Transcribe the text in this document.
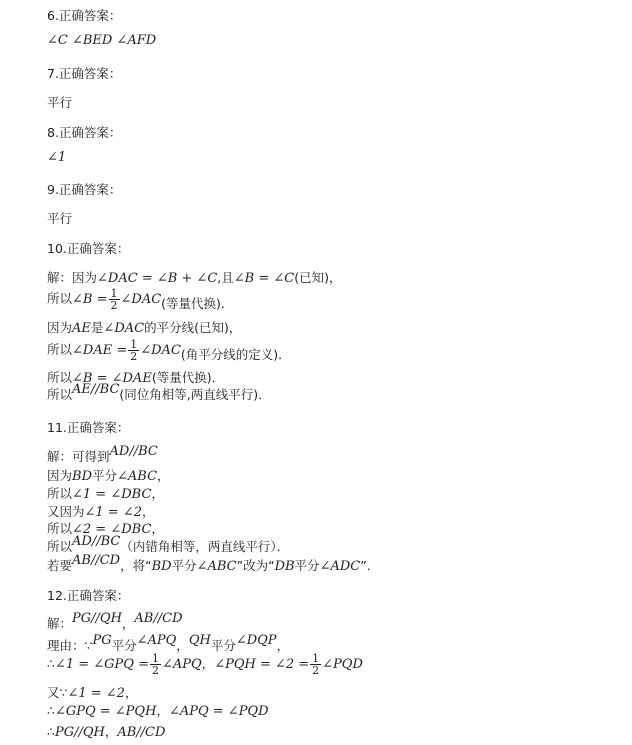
6.正确答案：
∠C ∠BED ∠AFD
7.正确答案：
平行
8.正确答案：
∠1
9.正确答案：
平行
10.正确答案：
解：因为∠DAC = ∠B + ∠C,且∠B = ∠C(已知)，
所以∠B = $\frac{1}{2}$ ∠DAC(等量代换)．
因为AE是∠DAC的平分线(已知)，
所以∠DAE = $\frac{1}{2}$ ∠DAC(角平分线的定义)．
所以∠B = ∠DAE(等量代换)．
所以AE//BC(同位角相等,两直线平行)．
11.正确答案：
解：可得到AD//BC
因为BD平分∠ABC，
所以∠1 = ∠DBC，
又因为∠1 = ∠2，
所以∠2 = ∠DBC，
所以AD//BC（内错角相等，两直线平行）．
若要AB//CD，将“BD平分∠ABC”改为“DB平分∠ADC”．
12.正确答案：
解：PG//QH，AB//CD
理由：∵PG平分∠APQ，QH平分∠DQP，
∴∠1 = ∠GPQ = $\frac{1}{2}$ ∠APQ，∠PQH = ∠2 = $\frac{1}{2}$ ∠PQD
又∵∠1 = ∠2，
∴∠GPQ = ∠PQH，∠APQ = ∠PQD
∴PG//QH，AB//CD
